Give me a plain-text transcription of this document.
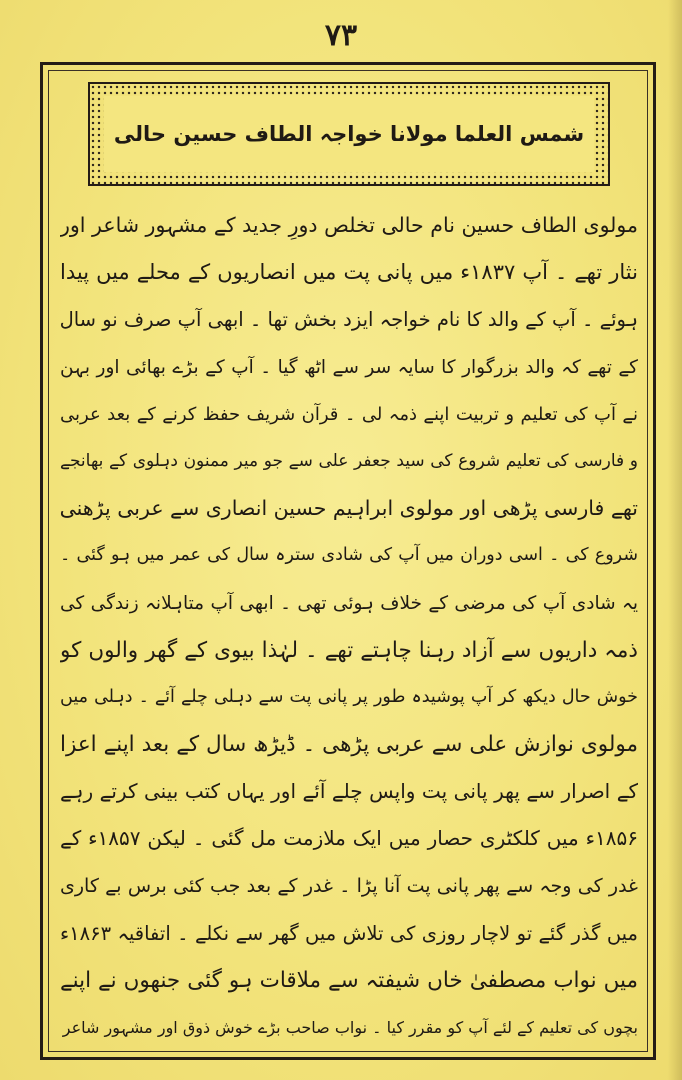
۷۳
شمس العلما مولانا خواجہ الطاف حسین حالی
مولوی الطاف حسین نام حالی تخلص دورِ جدید کے مشہور شاعر اور
نثار تھے ۔ آپ ۱۸۳۷ء میں پانی پت میں انصاریوں کے محلے میں پیدا
ہوئے ۔ آپ کے والد کا نام خواجہ ایزد بخش تھا ۔ ابھی آپ صرف نو سال
کے تھے کہ والد بزرگوار کا سایہ سر سے اٹھ گیا ۔ آپ کے بڑے بھائی اور بہن
نے آپ کی تعلیم و تربیت اپنے ذمہ لی ۔ قرآن شریف حفظ کرنے کے بعد عربی
و فارسی کی تعلیم شروع کی سید جعفر علی سے جو میر ممنون دہلوی کے بھانجے
تھے فارسی پڑھی اور مولوی ابراہیم حسین انصاری سے عربی پڑھنی
شروع کی ۔ اسی دوران میں آپ کی شادی سترہ سال کی عمر میں ہو گئی ۔
یہ شادی آپ کی مرضی کے خلاف ہوئی تھی ۔ ابھی آپ متاہلانہ زندگی کی
ذمہ داریوں سے آزاد رہنا چاہتے تھے ۔ لہٰذا بیوی کے گھر والوں کو
خوش حال دیکھ کر آپ پوشیدہ طور پر پانی پت سے دہلی چلے آئے ۔ دہلی میں
مولوی نوازش علی سے عربی پڑھی ۔ ڈیڑھ سال کے بعد اپنے اعزا
کے اصرار سے پھر پانی پت واپس چلے آئے اور یہاں کتب بینی کرتے رہے
۱۸۵۶ء میں کلکٹری حصار میں ایک ملازمت مل گئی ۔ لیکن ۱۸۵۷ء کے
غدر کی وجہ سے پھر پانی پت آنا پڑا ۔ غدر کے بعد جب کئی برس بے کاری
میں گذر گئے تو لاچار روزی کی تلاش میں گھر سے نکلے ۔ اتفاقیہ ۱۸۶۳ء
میں نواب مصطفیٰ خاں شیفتہ سے ملاقات ہو گئی جنھوں نے اپنے
بچوں کی تعلیم کے لئے آپ کو مقرر کیا ۔ نواب صاحب بڑے خوش ذوق اور مشہور شاعر
